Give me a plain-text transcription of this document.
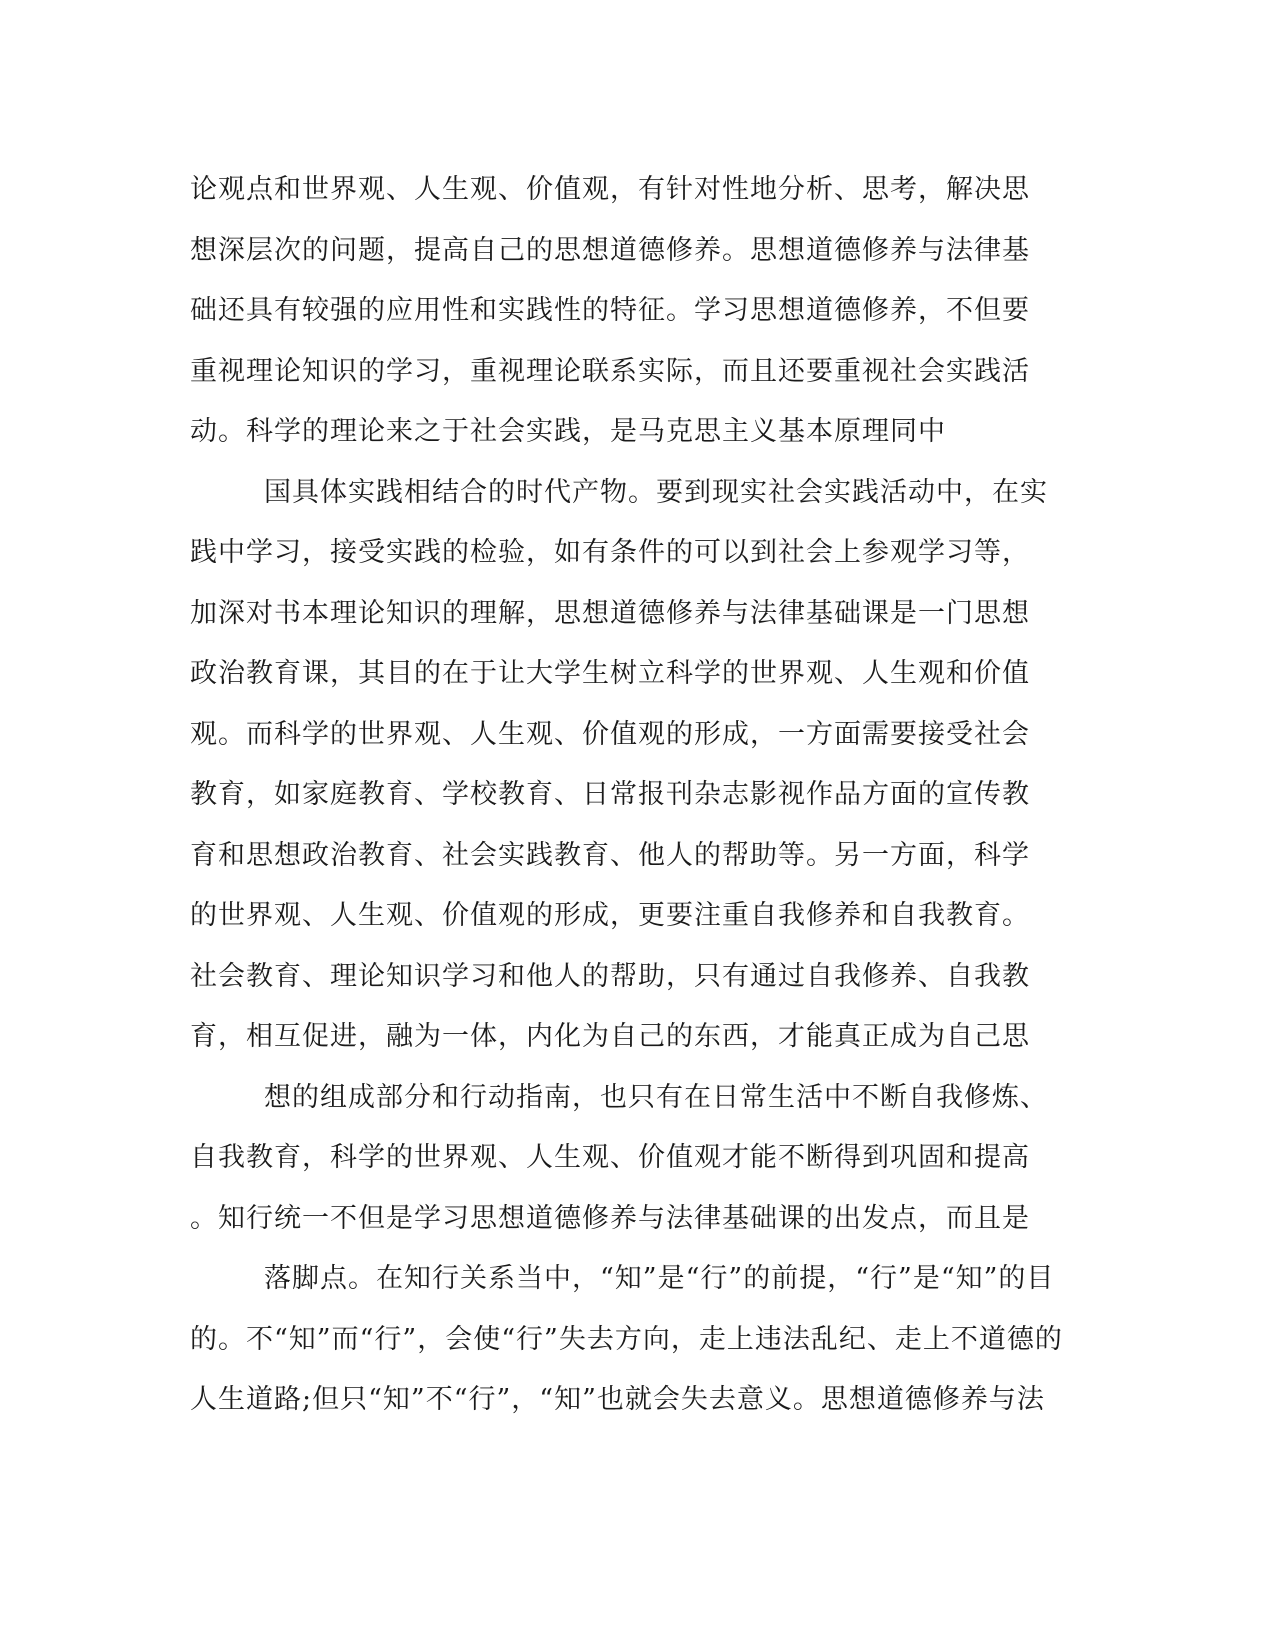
论观点和世界观、人生观、价值观，有针对性地分析、思考，解决思

想深层次的问题，提高自己的思想道德修养。思想道德修养与法律基

础还具有较强的应用性和实践性的特征。学习思想道德修养，不但要

重视理论知识的学习，重视理论联系实际，而且还要重视社会实践活

动。科学的理论来之于社会实践，是马克思主义基本原理同中

国具体实践相结合的时代产物。要到现实社会实践活动中，在实

践中学习，接受实践的检验，如有条件的可以到社会上参观学习等，

加深对书本理论知识的理解，思想道德修养与法律基础课是一门思想

政治教育课，其目的在于让大学生树立科学的世界观、人生观和价值

观。而科学的世界观、人生观、价值观的形成，一方面需要接受社会

教育，如家庭教育、学校教育、日常报刊杂志影视作品方面的宣传教

育和思想政治教育、社会实践教育、他人的帮助等。另一方面，科学

的世界观、人生观、价值观的形成，更要注重自我修养和自我教育。

社会教育、理论知识学习和他人的帮助，只有通过自我修养、自我教

育，相互促进，融为一体，内化为自己的东西，才能真正成为自己思

想的组成部分和行动指南，也只有在日常生活中不断自我修炼、

自我教育，科学的世界观、人生观、价值观才能不断得到巩固和提高

。知行统一不但是学习思想道德修养与法律基础课的出发点，而且是

落脚点。在知行关系当中，“知”是“行”的前提，“行”是“知”的目

的。不“知”而“行”，会使“行”失去方向，走上违法乱纪、走上不道德的

人生道路;但只“知”不“行”，“知”也就会失去意义。思想道德修养与法
